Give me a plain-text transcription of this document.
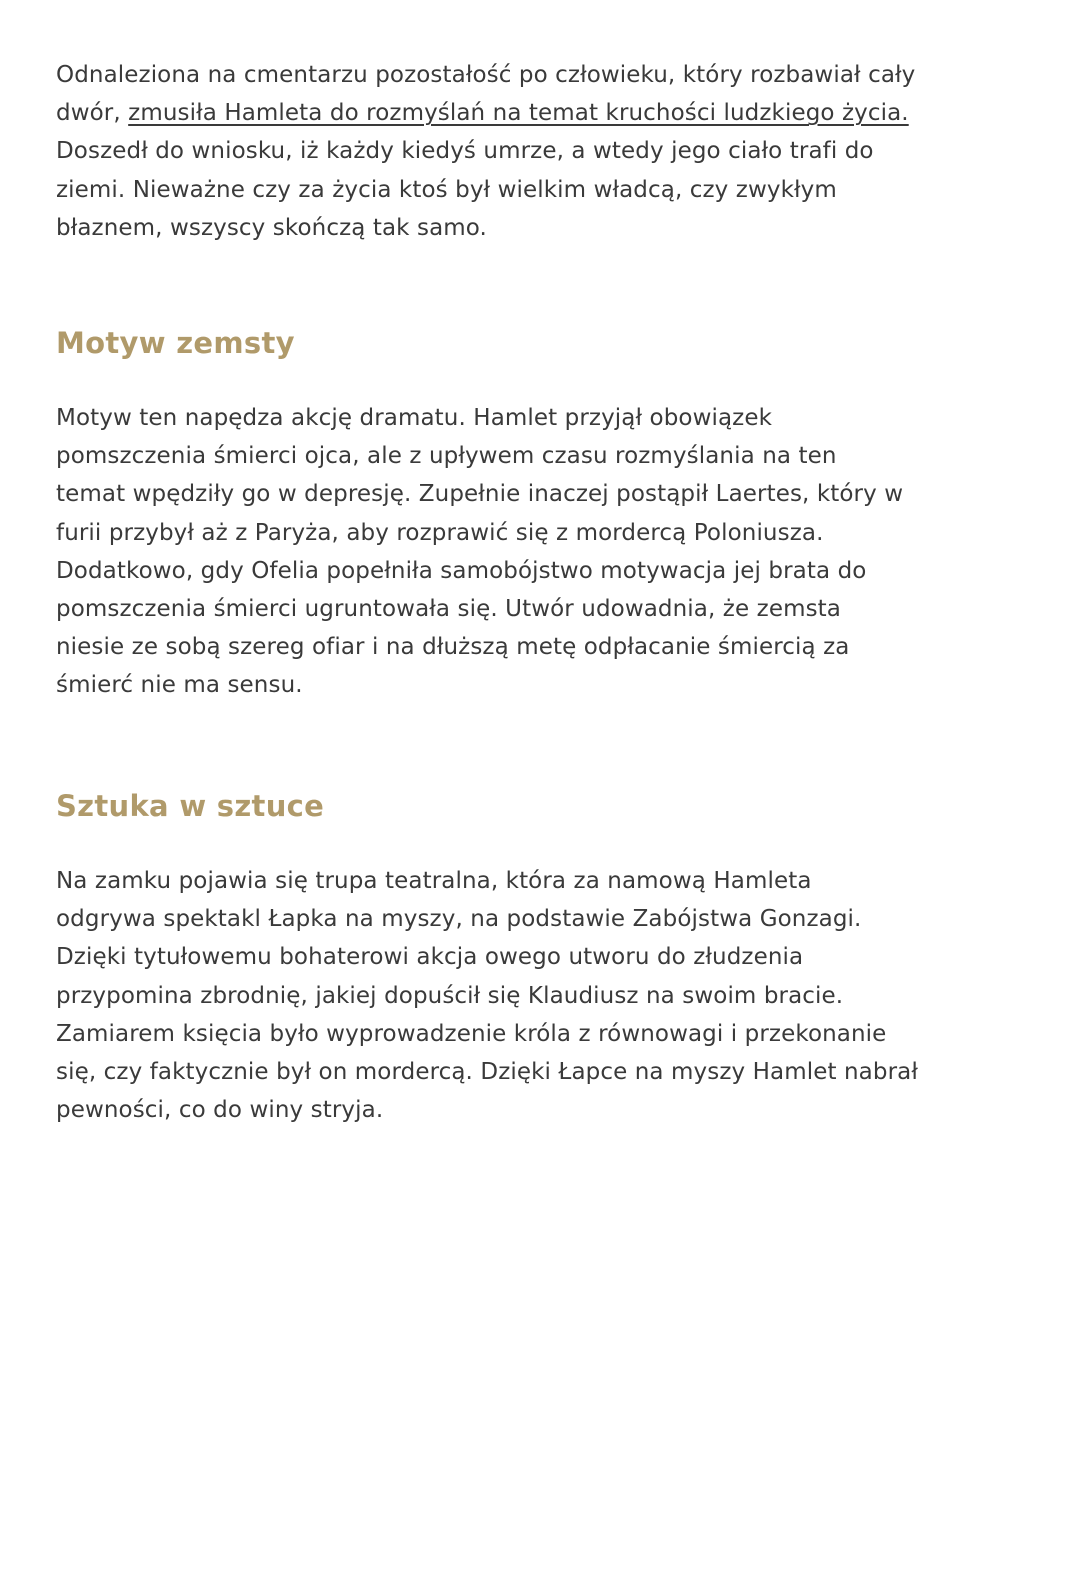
Odnaleziona na cmentarzu pozostałość po człowieku, który rozbawiał cały
dwór, zmusiła Hamleta do rozmyślań na temat kruchości ludzkiego życia.
Doszedł do wniosku, iż każdy kiedyś umrze, a wtedy jego ciało trafi do
ziemi. Nieważne czy za życia ktoś był wielkim władcą, czy zwykłym
błaznem, wszyscy skończą tak samo.

Motyw zemsty

Motyw ten napędza akcję dramatu. Hamlet przyjął obowiązek
pomszczenia śmierci ojca, ale z upływem czasu rozmyślania na ten
temat wpędziły go w depresję. Zupełnie inaczej postąpił Laertes, który w
furii przybył aż z Paryża, aby rozprawić się z mordercą Poloniusza.
Dodatkowo, gdy Ofelia popełniła samobójstwo motywacja jej brata do
pomszczenia śmierci ugruntowała się. Utwór udowadnia, że zemsta
niesie ze sobą szereg ofiar i na dłuższą metę odpłacanie śmiercią za
śmierć nie ma sensu.

Sztuka w sztuce

Na zamku pojawia się trupa teatralna, która za namową Hamleta
odgrywa spektakl Łapka na myszy, na podstawie Zabójstwa Gonzagi.
Dzięki tytułowemu bohaterowi akcja owego utworu do złudzenia
przypomina zbrodnię, jakiej dopuścił się Klaudiusz na swoim bracie.
Zamiarem księcia było wyprowadzenie króla z równowagi i przekonanie
się, czy faktycznie był on mordercą. Dzięki Łapce na myszy Hamlet nabrał
pewności, co do winy stryja.
